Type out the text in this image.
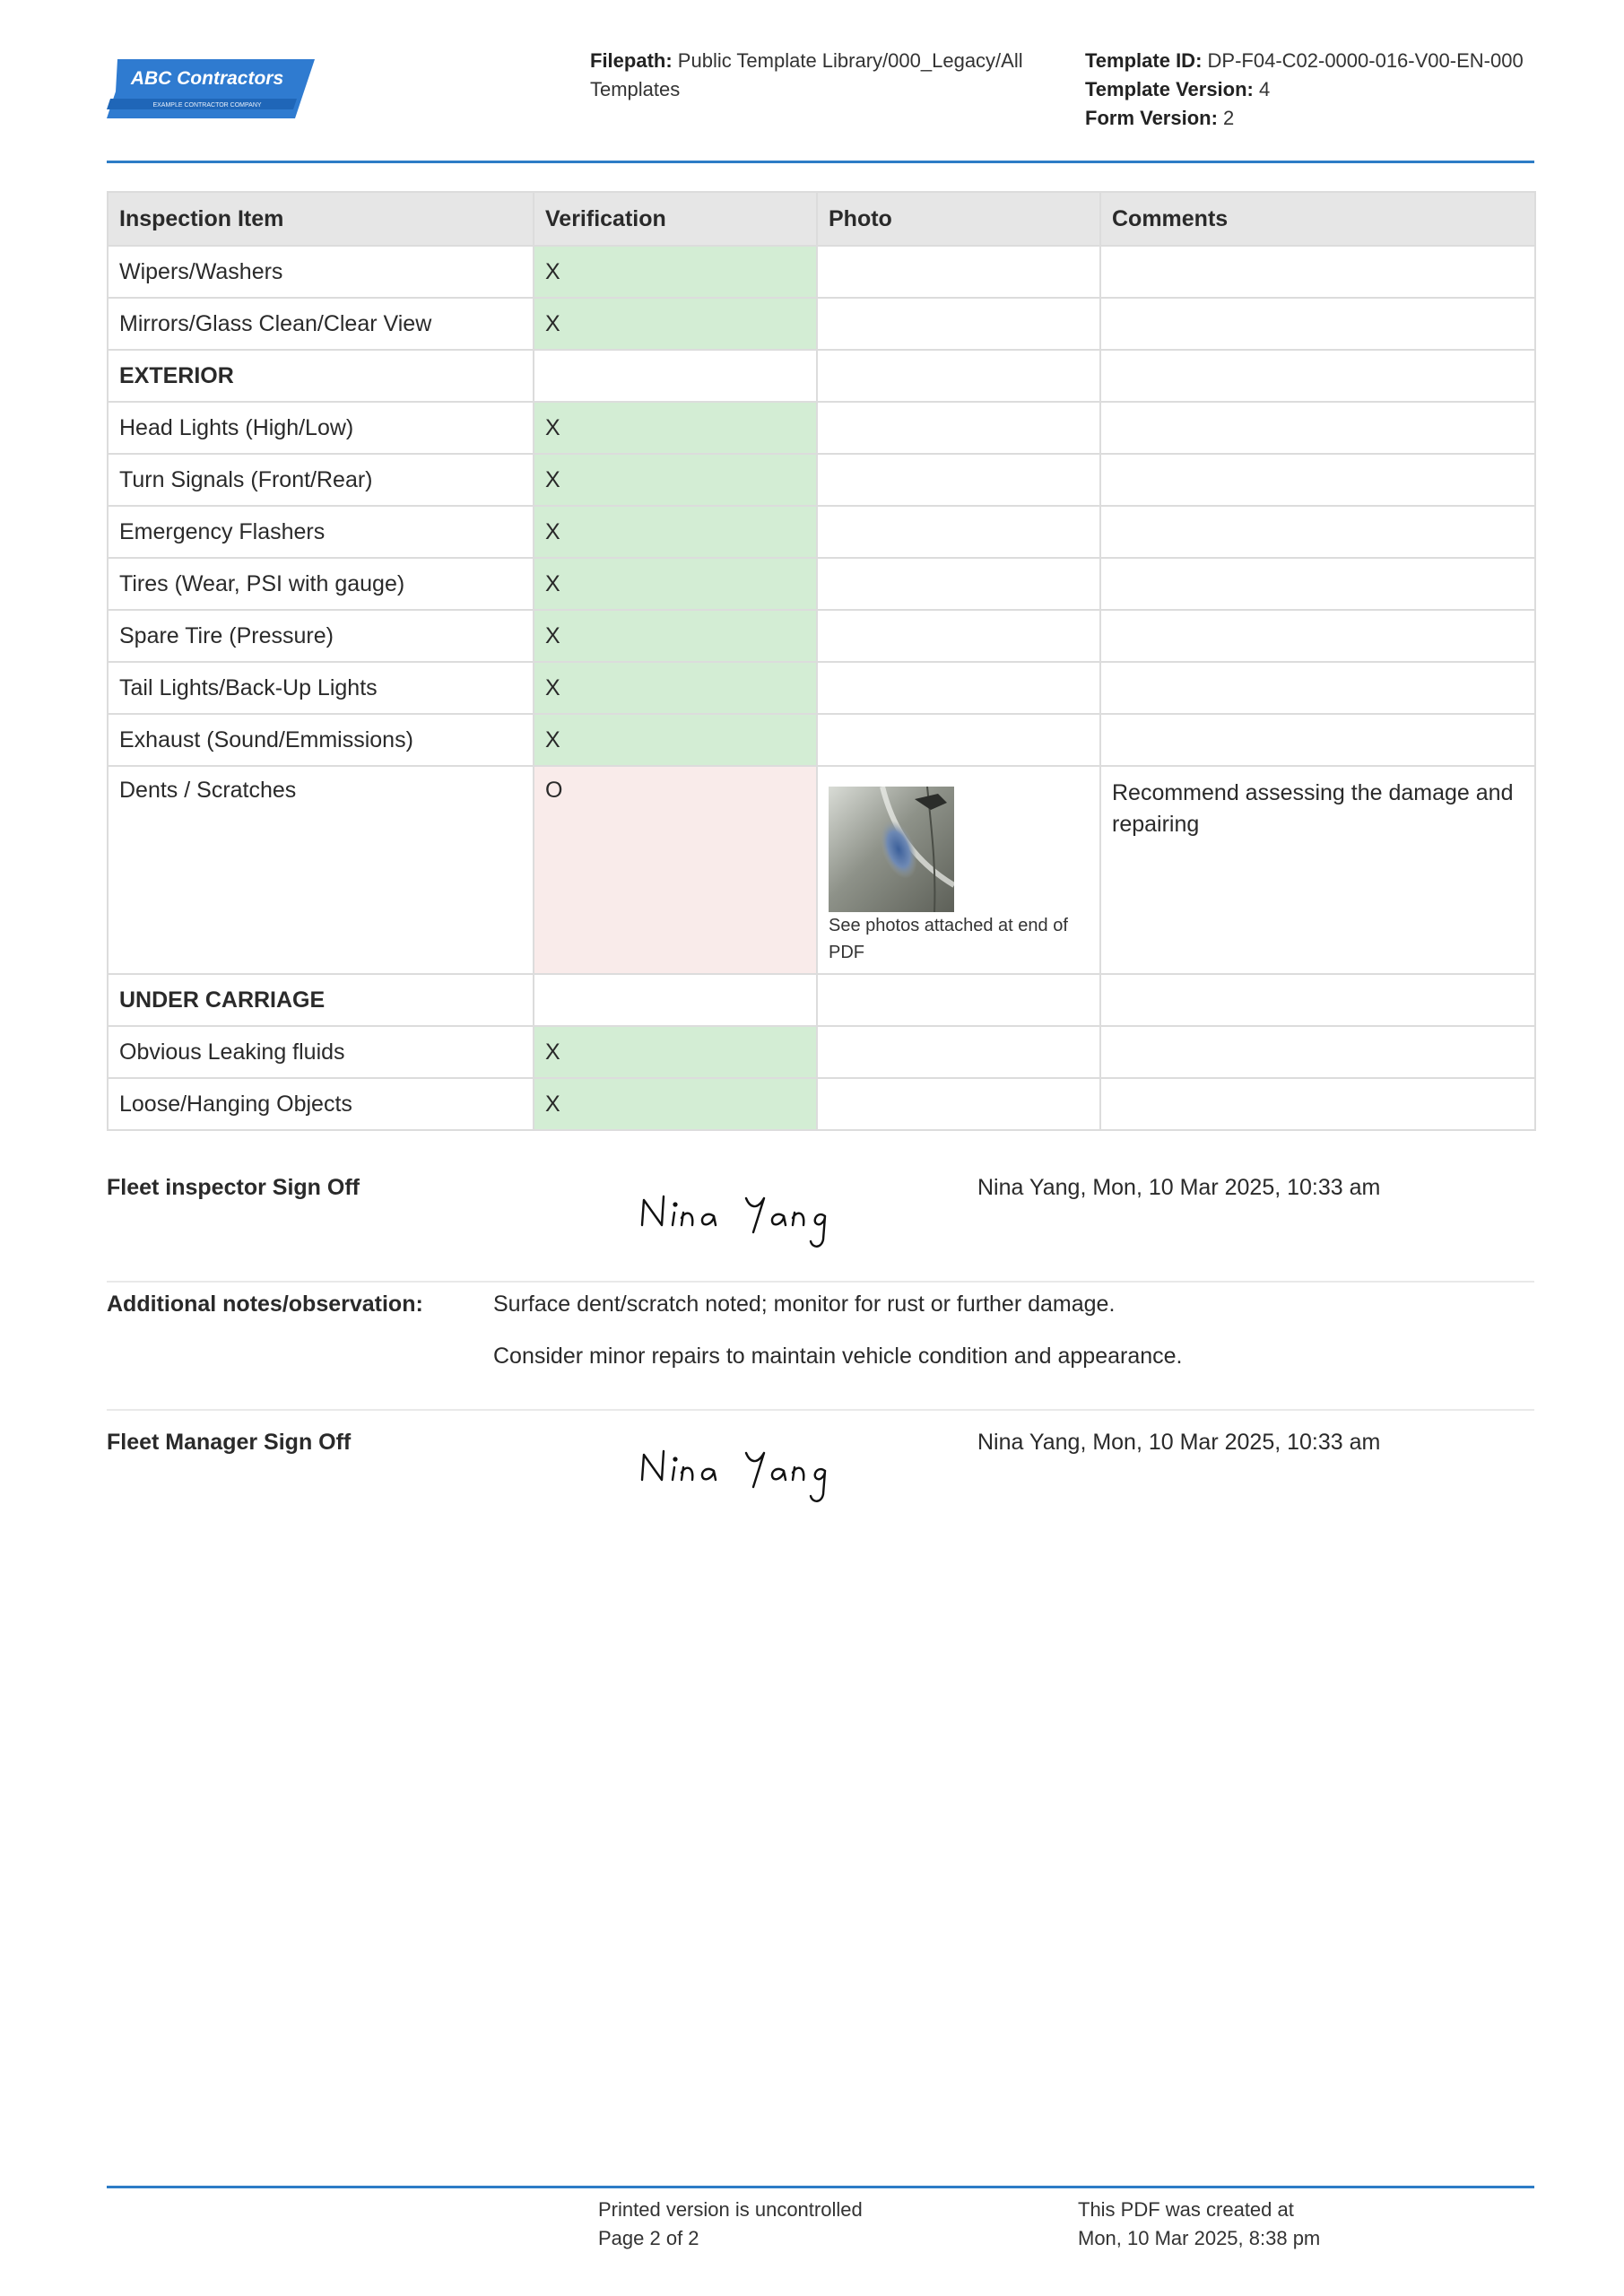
ABC Contractors
EXAMPLE CONTRACTOR COMPANY
Filepath: Public Template Library/000_Legacy/All
Templates
Template ID: DP-F04-C02-0000-016-V00-EN-000
Template Version: 4
Form Version: 2
Inspection Item	Verification	Photo	Comments
Wipers/Washers	X		
Mirrors/Glass Clean/Clear View	X		
EXTERIOR			
Head Lights (High/Low)	X		
Turn Signals (Front/Rear)	X		
Emergency Flashers	X		
Tires (Wear, PSI with gauge)	X		
Spare Tire (Pressure)	X		
Tail Lights/Back-Up Lights	X		
Exhaust (Sound/Emmissions)	X		
Dents / Scratches	O	See photos attached at end of PDF	Recommend assessing the damage and repairing
UNDER CARRIAGE			
Obvious Leaking fluids	X		
Loose/Hanging Objects	X		
Fleet inspector Sign Off	Nina Yang, Mon, 10 Mar 2025, 10:33 am
Additional notes/observation:	Surface dent/scratch noted; monitor for rust or further damage.
Consider minor repairs to maintain vehicle condition and appearance.
Fleet Manager Sign Off	Nina Yang, Mon, 10 Mar 2025, 10:33 am
Printed version is uncontrolled
Page 2 of 2
This PDF was created at
Mon, 10 Mar 2025, 8:38 pm
